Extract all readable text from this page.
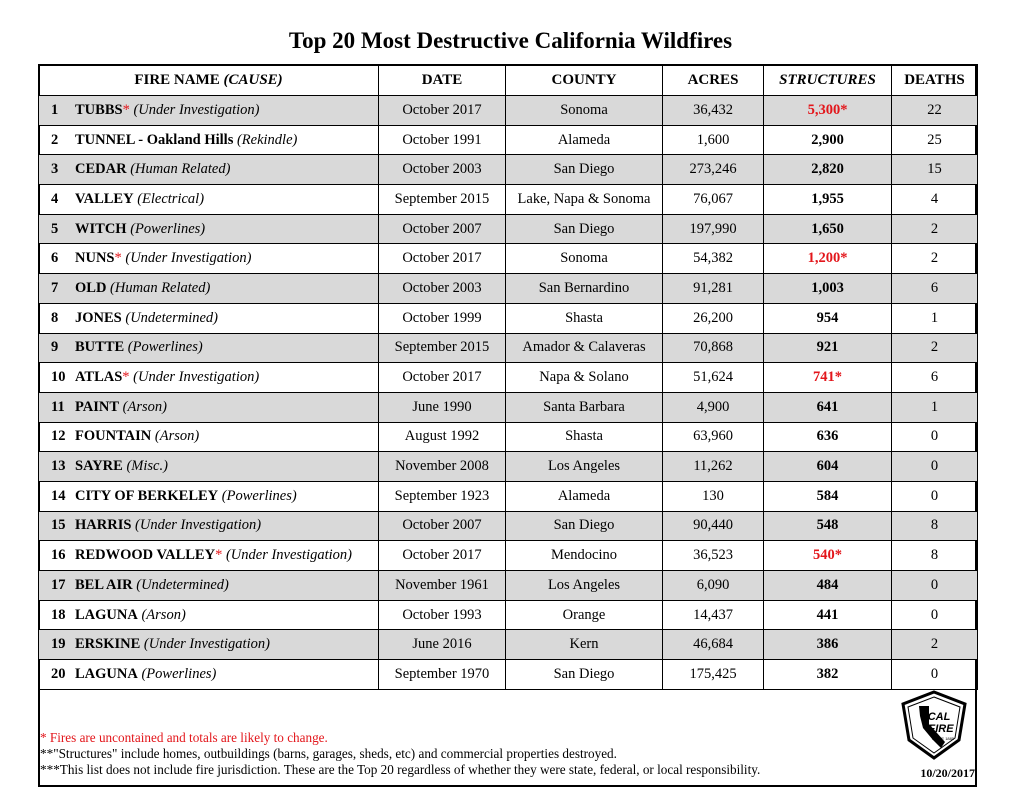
Top 20 Most Destructive California Wildfires
FIRE NAME (CAUSE)	DATE	COUNTY	ACRES	STRUCTURES	DEATHS
1 TUBBS* (Under Investigation)	October 2017	Sonoma	36,432	5,300*	22
2 TUNNEL - Oakland Hills (Rekindle)	October 1991	Alameda	1,600	2,900	25
3 CEDAR (Human Related)	October 2003	San Diego	273,246	2,820	15
4 VALLEY (Electrical)	September 2015	Lake, Napa & Sonoma	76,067	1,955	4
5 WITCH (Powerlines)	October 2007	San Diego	197,990	1,650	2
6 NUNS* (Under Investigation)	October 2017	Sonoma	54,382	1,200*	2
7 OLD (Human Related)	October 2003	San Bernardino	91,281	1,003	6
8 JONES (Undetermined)	October 1999	Shasta	26,200	954	1
9 BUTTE (Powerlines)	September 2015	Amador & Calaveras	70,868	921	2
10 ATLAS* (Under Investigation)	October 2017	Napa & Solano	51,624	741*	6
11 PAINT (Arson)	June 1990	Santa Barbara	4,900	641	1
12 FOUNTAIN (Arson)	August 1992	Shasta	63,960	636	0
13 SAYRE (Misc.)	November 2008	Los Angeles	11,262	604	0
14 CITY OF BERKELEY (Powerlines)	September 1923	Alameda	130	584	0
15 HARRIS (Under Investigation)	October 2007	San Diego	90,440	548	8
16 REDWOOD VALLEY* (Under Investigation)	October 2017	Mendocino	36,523	540*	8
17 BEL AIR (Undetermined)	November 1961	Los Angeles	6,090	484	0
18 LAGUNA (Arson)	October 1993	Orange	14,437	441	0
19 ERSKINE (Under Investigation)	June 2016	Kern	46,684	386	2
20 LAGUNA (Powerlines)	September 1970	San Diego	175,425	382	0
* Fires are uncontained and totals are likely to change.
**"Structures" include homes, outbuildings (barns, garages, sheds, etc) and commercial properties destroyed.
***This list does not include fire jurisdiction. These are the Top 20 regardless of whether they were state, federal, or local responsibility.	10/20/2017
CAL
FIRE
SINCE 1885
